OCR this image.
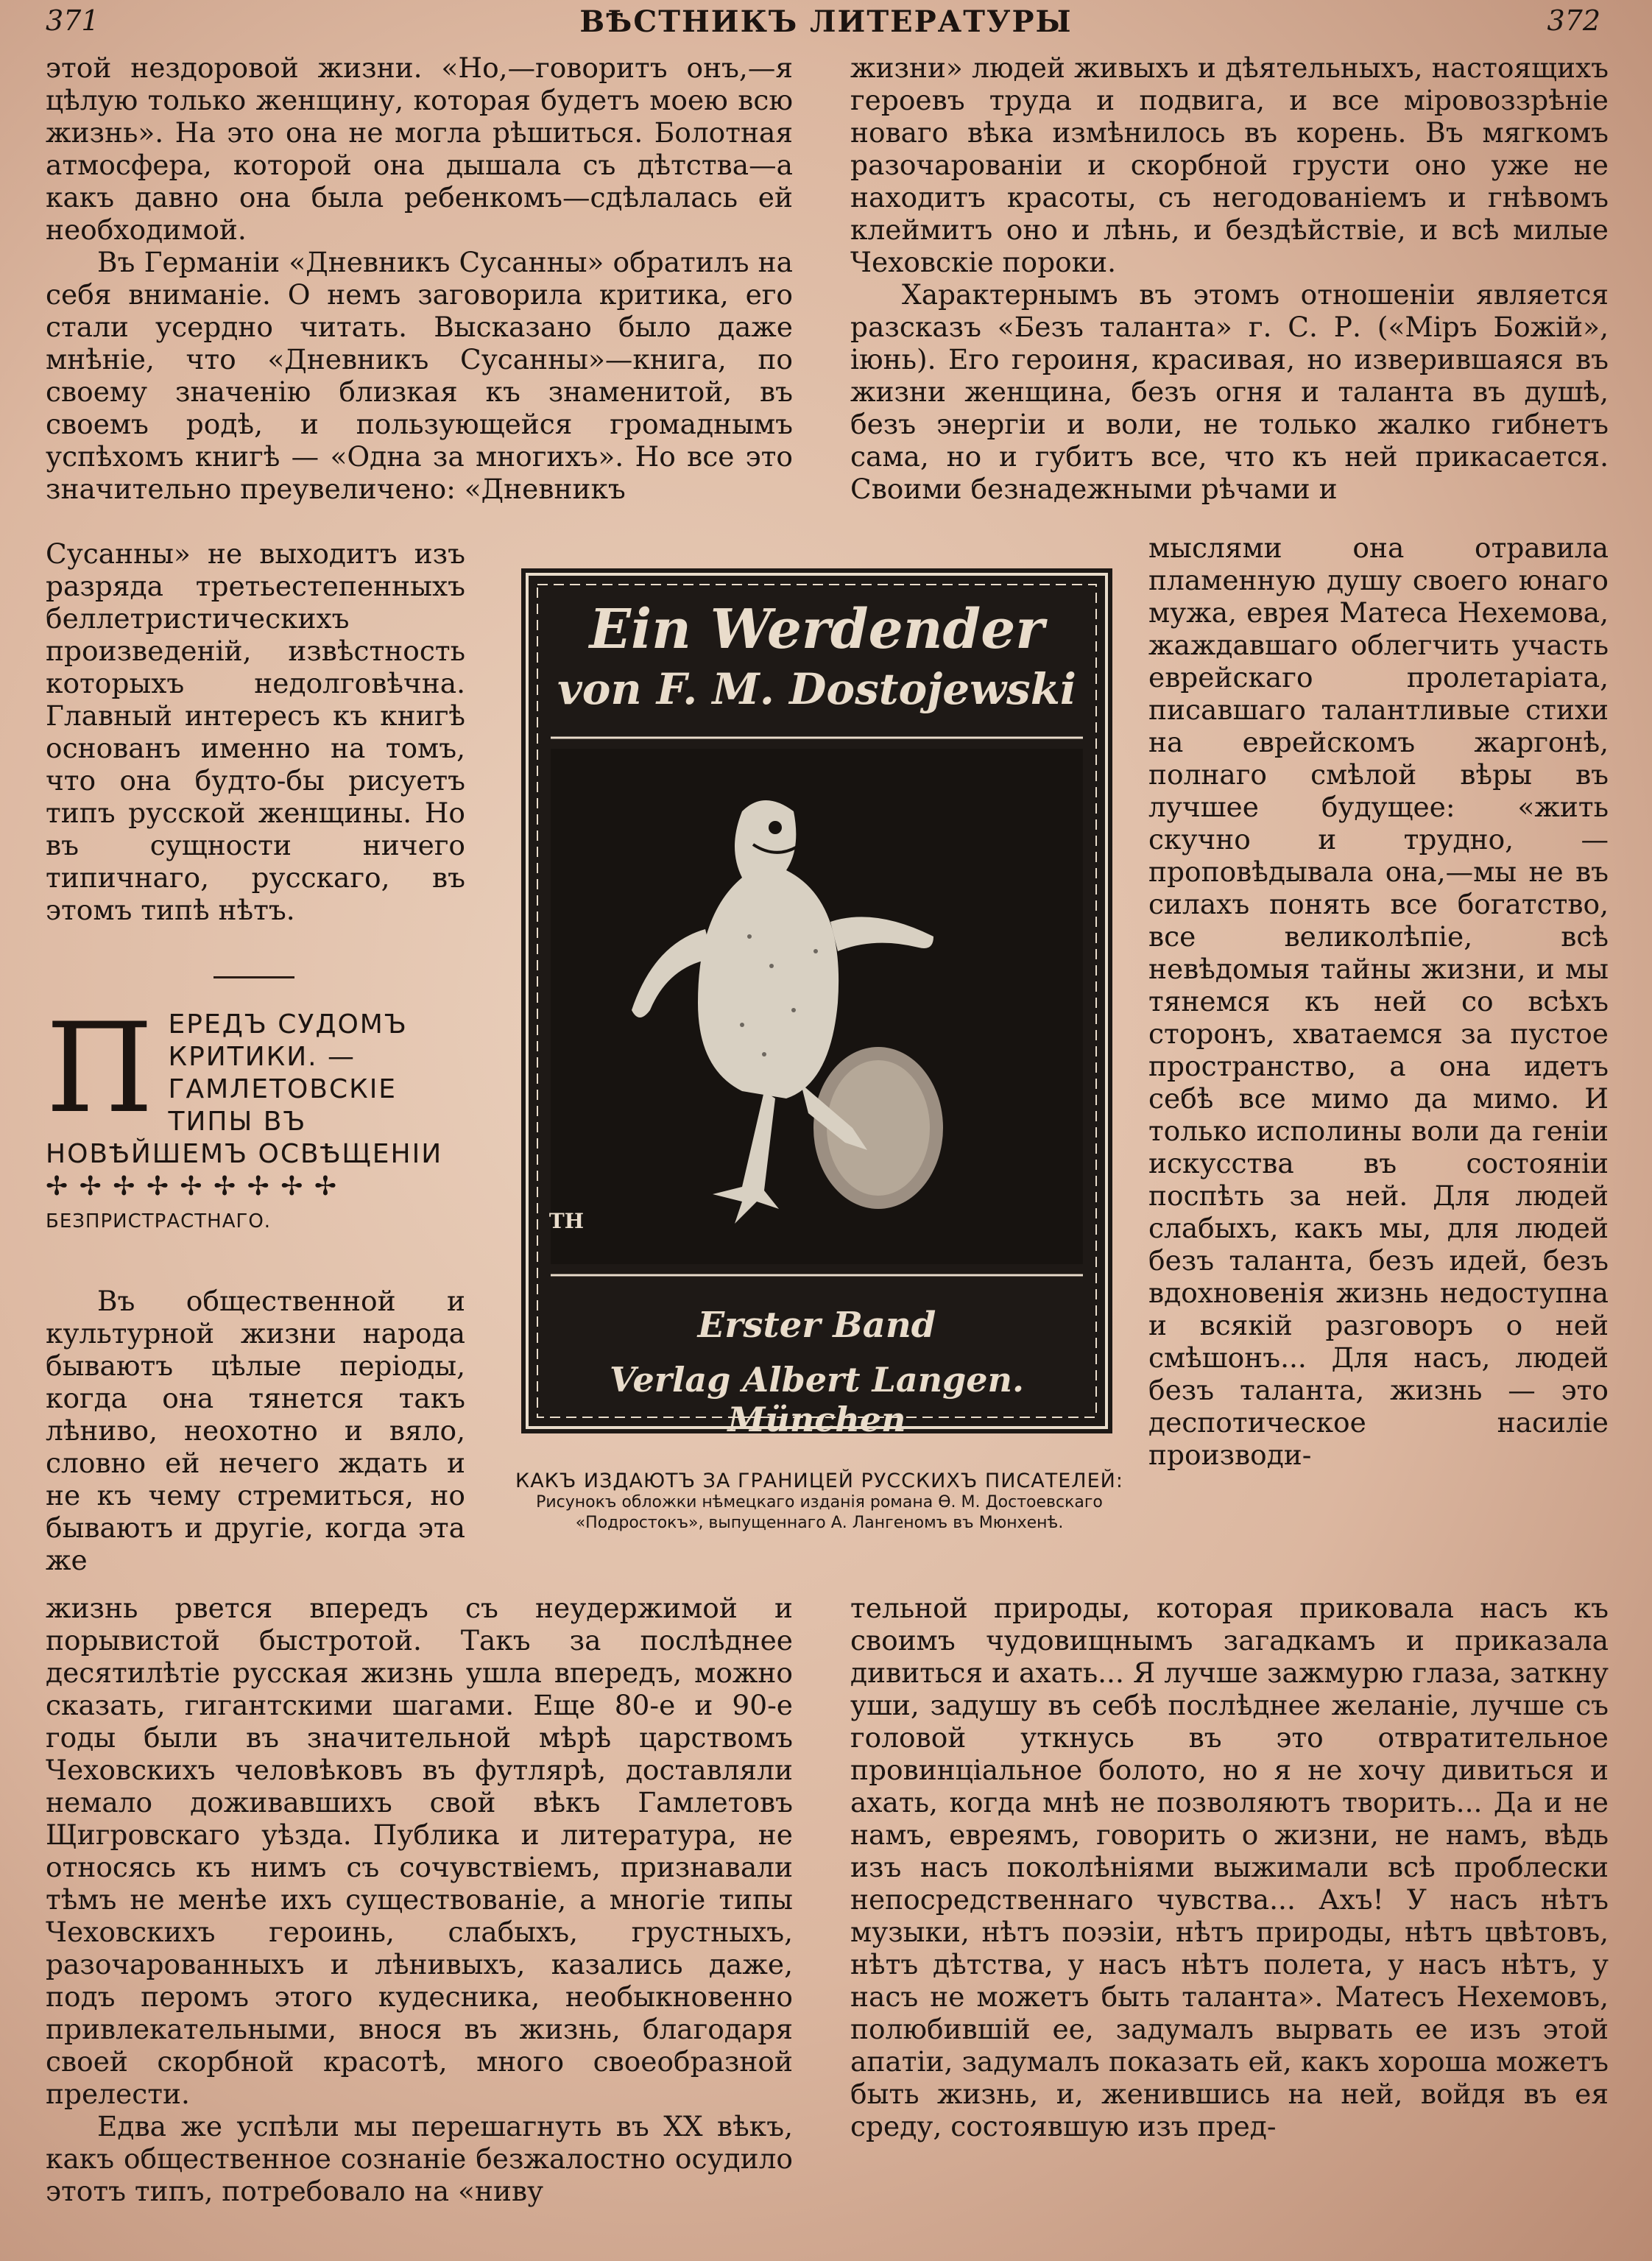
371	ВѢСТНИКЪ ЛИТЕРАТУРЫ	372

этой нездоровой жизни. «Но,—говоритъ онъ,—я цѣлую только женщину, которая будетъ моею всю жизнь». На это она не могла рѣшиться. Болотная атмосфера, которой она дышала съ дѣтства—а какъ давно она была ребенкомъ—сдѣлалась ей необходимой.

Въ Германіи «Дневникъ Сусанны» обратилъ на себя вниманіе. О немъ заговорила критика, его стали усердно читать. Высказано было даже мнѣніе, что «Дневникъ Сусанны»—книга, по своему значенію близкая къ знаменитой, въ своемъ родѣ, и пользующейся громаднымъ успѣхомъ книгѣ — «Одна за многихъ». Но все это значительно преувеличено: «Дневникъ

Сусанны» не выходитъ изъ разряда третьестепенныхъ беллетристическихъ произведеній, извѣстность которыхъ недолговѣчна. Главный интересъ къ книгѣ основанъ именно на томъ, что она будто-бы рисуетъ типъ русской женщины. Но въ сущности ничего типичнаго, русскаго, въ этомъ типѣ нѣтъ.

П ЕРЕДЪ СУДОМЪ КРИТИКИ. — ГАМЛЕТОВСКІЕ ТИПЫ ВЪ НОВѢЙШЕМЪ ОСВѢЩЕНІИ ✢ ✢ ✢ ✢ ✢ ✢ ✢ ✢ ✢ БЕЗПРИСТРАСТНАГО.

Въ общественной и культурной жизни народа бываютъ цѣлые періоды, когда она тянется такъ лѣниво, неохотно и вяло, словно ей нечего ждать и не къ чему стремиться, но бываютъ и другіе, когда эта же

жизнь рвется впередъ съ неудержимой и порывистой быстротой. Такъ за послѣднее десятилѣтіе русская жизнь ушла впередъ, можно сказать, гигантскими шагами. Еще 80-е и 90-е годы были въ значительной мѣрѣ царствомъ Чеховскихъ человѣковъ въ футлярѣ, доставляли немало доживавшихъ свой вѣкъ Гамлетовъ Щигровскаго уѣзда. Публика и литература, не относясь къ нимъ съ сочувствіемъ, признавали тѣмъ не менѣе ихъ существованіе, а многіе типы Чеховскихъ героинь, слабыхъ, грустныхъ, разочарованныхъ и лѣнивыхъ, казались даже, подъ перомъ этого кудесника, необыкновенно привлекательными, внося въ жизнь, благодаря своей скорбной красотѣ, много своеобразной прелести.

Едва же успѣли мы перешагнуть въ XX вѣкъ, какъ общественное сознаніе безжалостно осудило этотъ типъ, потребовало на «ниву

жизни» людей живыхъ и дѣятельныхъ, настоящихъ героевъ труда и подвига, и все міровоззрѣніе новаго вѣка измѣнилось въ корень. Въ мягкомъ разочарованіи и скорбной грусти оно уже не находитъ красоты, съ негодованіемъ и гнѣвомъ клеймитъ оно и лѣнь, и бездѣйствіе, и всѣ милые Чеховскіе пороки.

Характернымъ въ этомъ отношеніи является разсказъ «Безъ таланта» г. С. Р. («Міръ Божій», іюнь). Его героиня, красивая, но изверившаяся въ жизни женщина, безъ огня и таланта въ душѣ, безъ энергіи и воли, не только жалко гибнетъ сама, но и губитъ все, что къ ней прикасается. Своими безнадежными рѣчами и

мыслями она отравила пламенную душу своего юнаго мужа, еврея Матеса Нехемова, жаждавшаго облегчить участь еврейскаго пролетаріата, писавшаго талантливые стихи на еврейскомъ жаргонѣ, полнаго смѣлой вѣры въ лучшее будущее: «жить скучно и трудно, — проповѣдывала она,—мы не въ силахъ понять все богатство, все великолѣпіе, всѣ невѣдомыя тайны жизни, и мы тянемся къ ней со всѣхъ сторонъ, хватаемся за пустое пространство, а она идетъ себѣ все мимо да мимо. И только исполины воли да геніи искусства въ состояніи поспѣть за ней. Для людей слабыхъ, какъ мы, для людей безъ таланта, безъ идей, безъ вдохновенія жизнь недоступна и всякій разговоръ о ней смѣшонъ... Для насъ, людей безъ таланта, жизнь — это деспотическое насиліе производи-

тельной природы, которая приковала насъ къ своимъ чудовищнымъ загадкамъ и приказала дивиться и ахать... Я лучше зажмурю глаза, заткну уши, задушу въ себѣ послѣднее желаніе, лучше съ головой уткнусь въ это отвратительное провинціальное болото, но я не хочу дивиться и ахать, когда мнѣ не позволяютъ творить... Да и не намъ, евреямъ, говорить о жизни, не намъ, вѣдь изъ насъ поколѣніями выжимали всѣ проблески непосредственнаго чувства... Ахъ! У насъ нѣтъ музыки, нѣтъ поэзіи, нѣтъ природы, нѣтъ цвѣтовъ, нѣтъ дѣтства, у насъ нѣтъ полета, у насъ нѣтъ, у насъ не можетъ быть таланта». Матесъ Нехемовъ, полюбившій ее, задумалъ вырвать ее изъ этой апатіи, задумалъ показать ей, какъ хороша можетъ быть жизнь, и, женившись на ней, войдя въ ея среду, состоявшую изъ пред-

Ein Werdender
von F. M. Dostojewski
Erster Band
Verlag Albert Langen. München
TH
КАКЪ ИЗДАЮТЪ ЗА ГРАНИЦЕЙ РУССКИХЪ ПИСАТЕЛЕЙ:
Рисунокъ обложки нѣмецкаго изданія романа Ѳ. М. Достоевскаго «Подростокъ», выпущеннаго А. Лангеномъ въ Мюнхенѣ.
